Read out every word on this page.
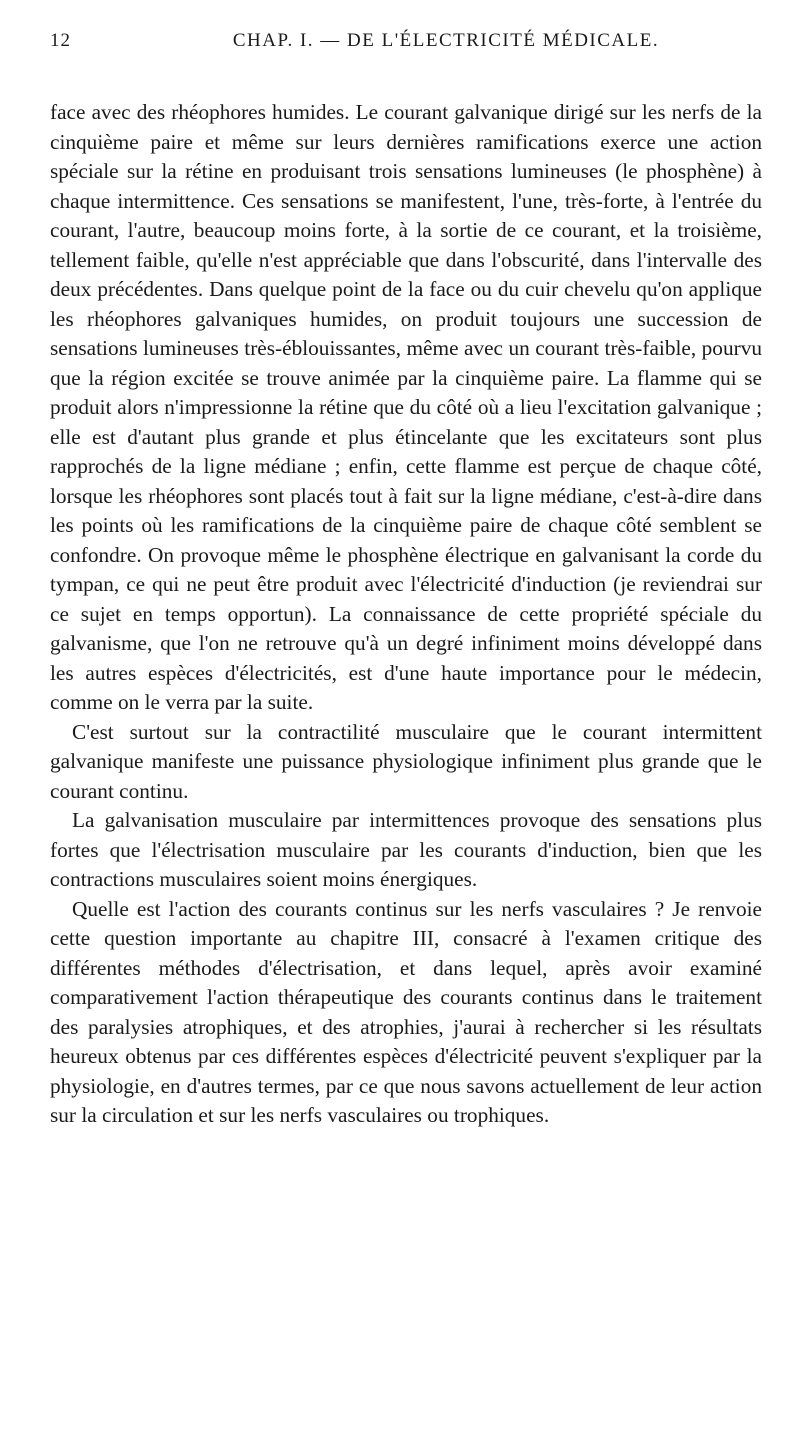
12	CHAP. I. — DE L'ÉLECTRICITÉ MÉDICALE.

face avec des rhéophores humides. Le courant galvanique dirigé sur les nerfs de la cinquième paire et même sur leurs dernières ramifications exerce une action spéciale sur la rétine en produisant trois sensations lumineuses (le phosphène) à chaque intermittence. Ces sensations se manifestent, l'une, très-forte, à l'entrée du courant, l'autre, beaucoup moins forte, à la sortie de ce courant, et la troisième, tellement faible, qu'elle n'est appréciable que dans l'obscurité, dans l'intervalle des deux précédentes. Dans quelque point de la face ou du cuir chevelu qu'on applique les rhéophores galvaniques humides, on produit toujours une succession de sensations lumineuses très-éblouissantes, même avec un courant très-faible, pourvu que la région excitée se trouve animée par la cinquième paire. La flamme qui se produit alors n'impressionne la rétine que du côté où a lieu l'excitation galvanique ; elle est d'autant plus grande et plus étincelante que les excitateurs sont plus rapprochés de la ligne médiane ; enfin, cette flamme est perçue de chaque côté, lorsque les rhéophores sont placés tout à fait sur la ligne médiane, c'est-à-dire dans les points où les ramifications de la cinquième paire de chaque côté semblent se confondre. On provoque même le phosphène électrique en galvanisant la corde du tympan, ce qui ne peut être produit avec l'électricité d'induction (je reviendrai sur ce sujet en temps opportun). La connaissance de cette propriété spéciale du galvanisme, que l'on ne retrouve qu'à un degré infiniment moins développé dans les autres espèces d'électricités, est d'une haute importance pour le médecin, comme on le verra par la suite.

C'est surtout sur la contractilité musculaire que le courant intermittent galvanique manifeste une puissance physiologique infiniment plus grande que le courant continu.

La galvanisation musculaire par intermittences provoque des sensations plus fortes que l'électrisation musculaire par les courants d'induction, bien que les contractions musculaires soient moins énergiques.

Quelle est l'action des courants continus sur les nerfs vasculaires ? Je renvoie cette question importante au chapitre III, consacré à l'examen critique des différentes méthodes d'électrisation, et dans lequel, après avoir examiné comparativement l'action thérapeutique des courants continus dans le traitement des paralysies atrophiques, et des atrophies, j'aurai à rechercher si les résultats heureux obtenus par ces différentes espèces d'électricité peuvent s'expliquer par la physiologie, en d'autres termes, par ce que nous savons actuellement de leur action sur la circulation et sur les nerfs vasculaires ou trophiques.
